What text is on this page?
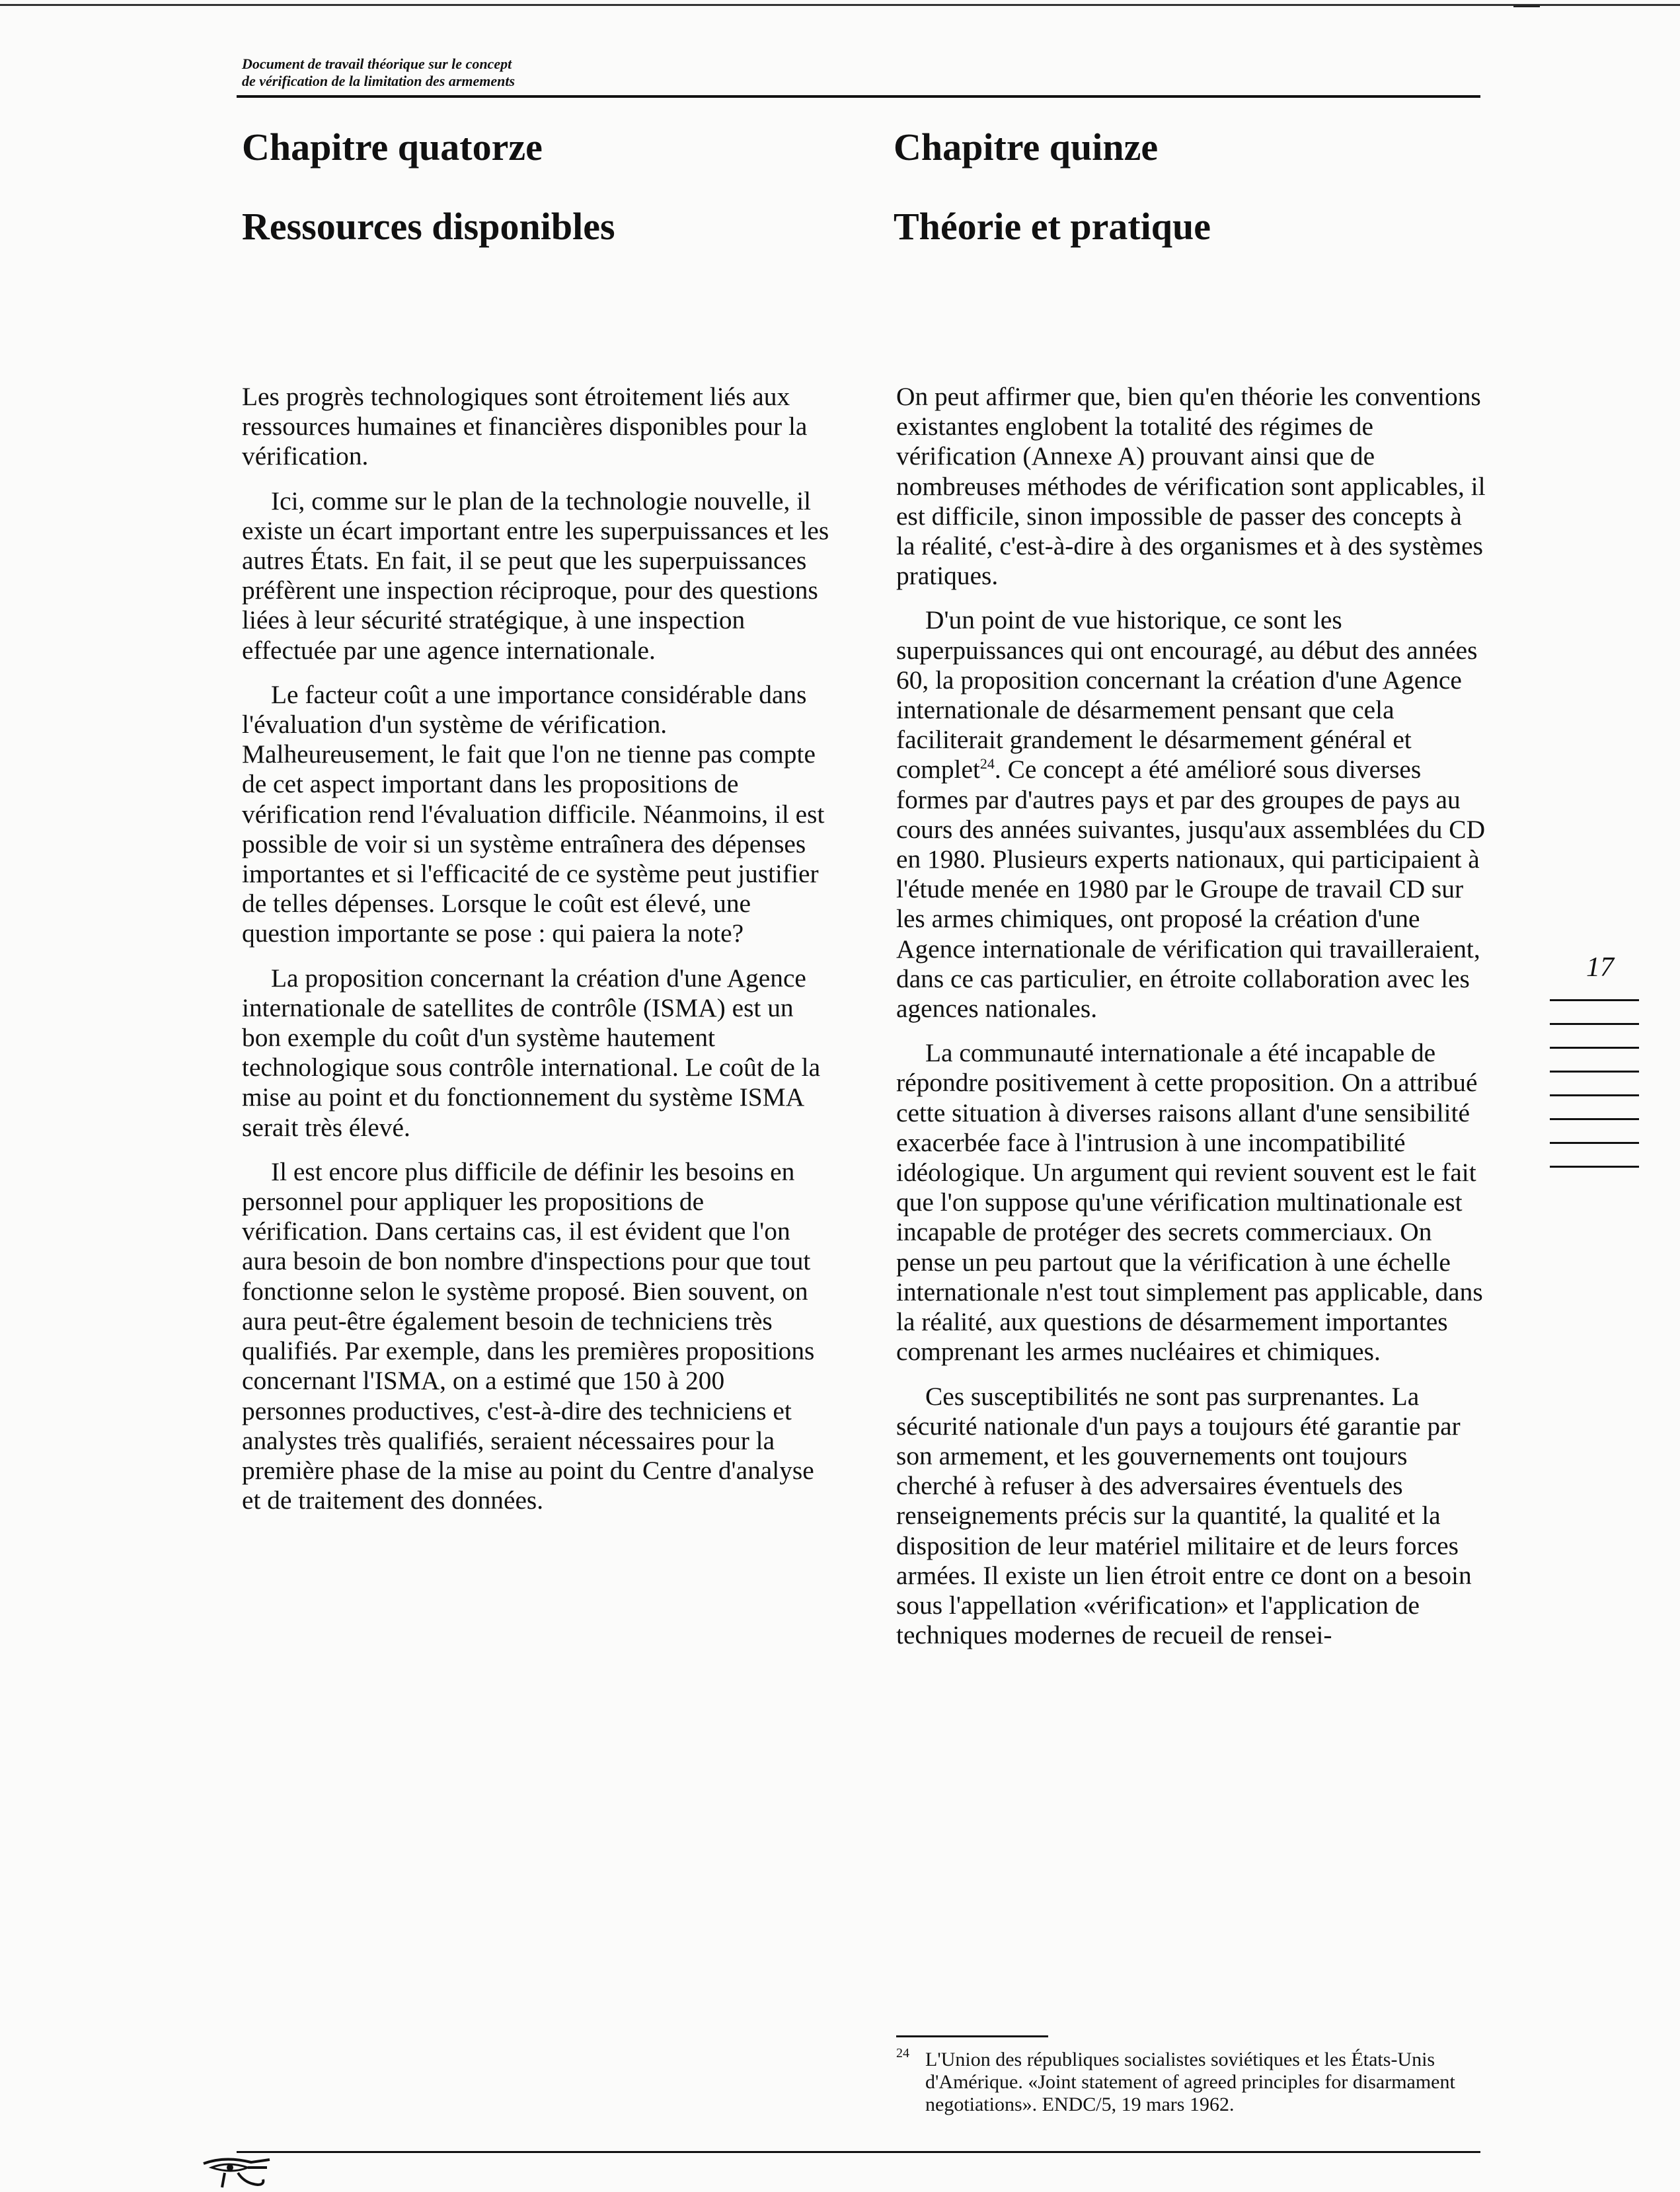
Document de travail théorique sur le concept
de vérification de la limitation des armements
Chapitre quatorze
Ressources disponibles
Chapitre quinze
Théorie et pratique

Les progrès technologiques sont étroitement liés aux ressources humaines et financières disponibles pour la vérification.

Ici, comme sur le plan de la technologie nouvelle, il existe un écart important entre les superpuissances et les autres États. En fait, il se peut que les superpuissances préfèrent une inspection réciproque, pour des questions liées à leur sécurité stratégique, à une inspection effectuée par une agence internationale.

Le facteur coût a une importance considérable dans l'évaluation d'un système de vérification. Malheureusement, le fait que l'on ne tienne pas compte de cet aspect important dans les propositions de vérification rend l'évaluation difficile. Néanmoins, il est possible de voir si un système entraînera des dépenses importantes et si l'efficacité de ce système peut justifier de telles dépenses. Lorsque le coût est élevé, une question importante se pose : qui paiera la note?

La proposition concernant la création d'une Agence internationale de satellites de contrôle (ISMA) est un bon exemple du coût d'un système hautement technologique sous contrôle international. Le coût de la mise au point et du fonctionnement du système ISMA serait très élevé.

Il est encore plus difficile de définir les besoins en personnel pour appliquer les propositions de vérification. Dans certains cas, il est évident que l'on aura besoin de bon nombre d'inspections pour que tout fonctionne selon le système proposé. Bien souvent, on aura peut-être également besoin de techniciens très qualifiés. Par exemple, dans les premières propositions concernant l'ISMA, on a estimé que 150 à 200 personnes productives, c'est-à-dire des techniciens et analystes très qualifiés, seraient nécessaires pour la première phase de la mise au point du Centre d'analyse et de traitement des données.

On peut affirmer que, bien qu'en théorie les conventions existantes englobent la totalité des régimes de vérification (Annexe A) prouvant ainsi que de nombreuses méthodes de vérification sont applicables, il est difficile, sinon impossible de passer des concepts à la réalité, c'est-à-dire à des organismes et à des systèmes pratiques.

D'un point de vue historique, ce sont les superpuissances qui ont encouragé, au début des années 60, la proposition concernant la création d'une Agence internationale de désarmement pensant que cela faciliterait grandement le désarmement général et complet$^{24}$. Ce concept a été amélioré sous diverses formes par d'autres pays et par des groupes de pays au cours des années suivantes, jusqu'aux assemblées du CD en 1980. Plusieurs experts nationaux, qui participaient à l'étude menée en 1980 par le Groupe de travail CD sur les armes chimiques, ont proposé la création d'une Agence internationale de vérification qui travailleraient, dans ce cas particulier, en étroite collaboration avec les agences nationales.

La communauté internationale a été incapable de répondre positivement à cette proposition. On a attribué cette situation à diverses raisons allant d'une sensibilité exacerbée face à l'intrusion à une incompatibilité idéologique. Un argument qui revient souvent est le fait que l'on suppose qu'une vérification multinationale est incapable de protéger des secrets commerciaux. On pense un peu partout que la vérification à une échelle internationale n'est tout simplement pas applicable, dans la réalité, aux questions de désarmement importantes comprenant les armes nucléaires et chimiques.

Ces susceptibilités ne sont pas surprenantes. La sécurité nationale d'un pays a toujours été garantie par son armement, et les gouvernements ont toujours cherché à refuser à des adversaires éventuels des renseignements précis sur la quantité, la qualité et la disposition de leur matériel militaire et de leurs forces armées. Il existe un lien étroit entre ce dont on a besoin sous l'appellation «vérification» et l'application de techniques modernes de recueil de rensei-

17
24 L'Union des républiques socialistes soviétiques et les États-Unis d'Amérique. «Joint statement of agreed principles for disarmament negotiations». ENDC/5, 19 mars 1962.
